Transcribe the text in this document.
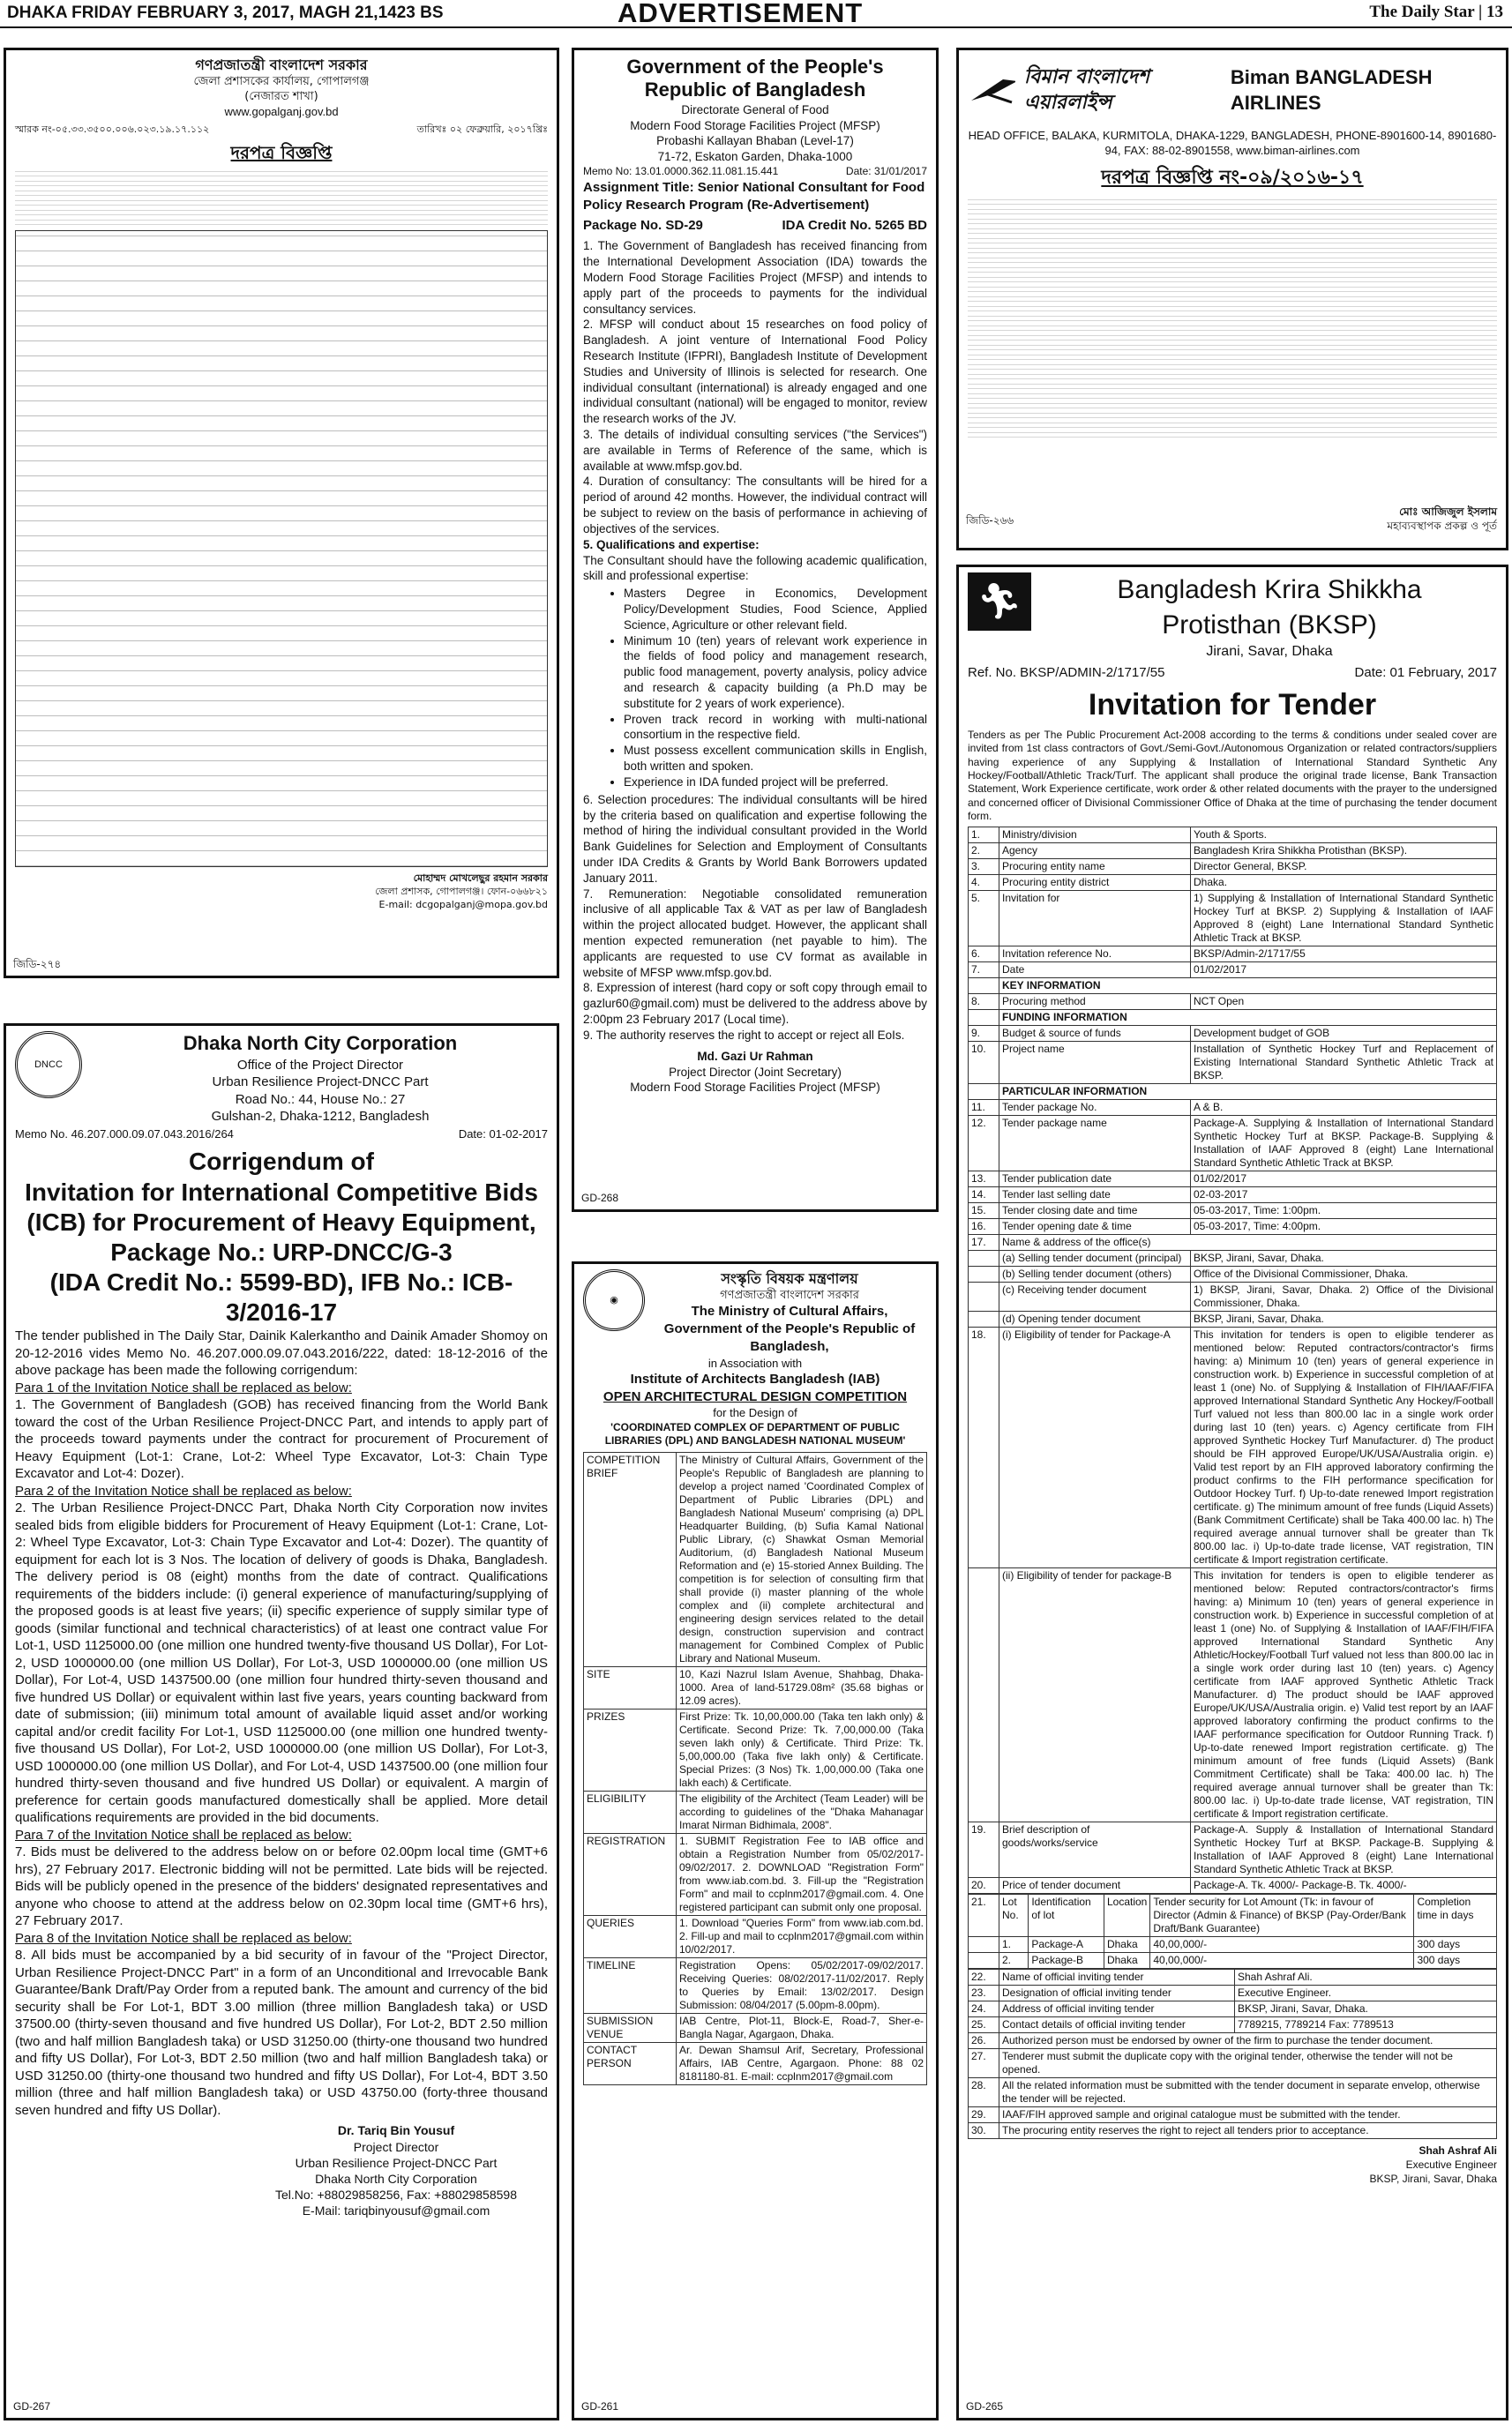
DHAKA FRIDAY FEBRUARY 3, 2017, MAGH 21,1423 BS	ADVERTISEMENT	The Daily Star | 13
গণপ্রজাতন্ত্রী বাংলাদেশ সরকার
জেলা প্রশাসকের কার্যালয়, গোপালগঞ্জ
(নেজারত শাখা)
www.gopalganj.gov.bd
স্মারক নং-০৫.৩৩.৩৫০০.০০৬.০২৩.১৯.১৭.১১২	তারিখঃ ০২ ফেব্রুয়ারি, ২০১৭খ্রিঃ
দরপত্র বিজ্ঞপ্তি
মোহাম্মদ মোখলেছুর রহমান সরকার
জেলা প্রশাসক, গোপালগঞ্জ। ফোন-০৬৬৮২১
E-mail: dcgopalganj@mopa.gov.bd
জিডি-২৭৪
Government of the People's Republic of Bangladesh
Directorate General of Food
Modern Food Storage Facilities Project (MFSP)
Probashi Kallayan Bhaban (Level-17)
71-72, Eskaton Garden, Dhaka-1000
Memo No: 13.01.0000.362.11.081.15.441	Date: 31/01/2017
Assignment Title: Senior National Consultant for Food Policy Research Program (Re-Advertisement)
Package No. SD-29	IDA Credit No. 5265 BD
1. The Government of Bangladesh has received financing from the International Development Association (IDA) towards the Modern Food Storage Facilities Project (MFSP) and intends to apply part of the proceeds to payments for the individual consultancy services.
2. MFSP will conduct about 15 researches on food policy of Bangladesh. A joint venture of International Food Policy Research Institute (IFPRI), Bangladesh Institute of Development Studies and University of Illinois is selected for research. One individual consultant (international) is already engaged and one individual consultant (national) will be engaged to monitor, review the research works of the JV.
3. The details of individual consulting services ("the Services") are available in Terms of Reference of the same, which is available at www.mfsp.gov.bd.
4. Duration of consultancy: The consultants will be hired for a period of around 42 months. However, the individual contract will be subject to review on the basis of performance in achieving of objectives of the services.
5. Qualifications and expertise:
The Consultant should have the following academic qualification, skill and professional expertise:
• Masters Degree in Economics, Development Policy/Development Studies, Food Science, Applied Science, Agriculture or other relevant field.
• Minimum 10 (ten) years of relevant work experience in the fields of food policy and management research, public food management, poverty analysis, policy advice and research & capacity building (a Ph.D may be substitute for 2 years of work experience).
• Proven track record in working with multi-national consortium in the respective field.
• Must possess excellent communication skills in English, both written and spoken.
• Experience in IDA funded project will be preferred.
6. Selection procedures: The individual consultants will be hired by the criteria based on qualification and expertise following the method of hiring the individual consultant provided in the World Bank Guidelines for Selection and Employment of Consultants under IDA Credits & Grants by World Bank Borrowers updated January 2011.
7. Remuneration: Negotiable consolidated remuneration inclusive of all applicable Tax & VAT as per law of Bangladesh within the project allocated budget. However, the applicant shall mention expected remuneration (net payable to him). The applicants are requested to use CV format as available in website of MFSP www.mfsp.gov.bd.
8. Expression of interest (hard copy or soft copy through email to gazlur60@gmail.com) must be delivered to the address above by 2:00pm 23 February 2017 (Local time).
9. The authority reserves the right to accept or reject all EoIs.
Md. Gazi Ur Rahman
Project Director (Joint Secretary)
Modern Food Storage Facilities Project (MFSP)
GD-268
বিমান বাংলাদেশ এয়ারলাইন্স
Biman BANGLADESH AIRLINES
HEAD OFFICE, BALAKA, KURMITOLA, DHAKA-1229, BANGLADESH, PHONE-8901600-14, 8901680-94, FAX: 88-02-8901558, www.biman-airlines.com
দরপত্র বিজ্ঞপ্তি নং-০৯/২০১৬-১৭
মোঃ আজিজুল ইসলাম
মহাব্যবস্থাপক প্রকল্প ও পূর্ত
জিডি-২৬৬
🏃︎	Bangladesh Krira Shikkha
Protisthan (BKSP)
Jirani, Savar, Dhaka
Ref. No. BKSP/ADMIN-2/1717/55	Date: 01 February, 2017
Invitation for Tender
Tenders as per The Public Procurement Act-2008 according to the terms & conditions under sealed cover are invited from 1st class contractors of Govt./Semi-Govt./Autonomous Organization or related contractors/suppliers having experience of any Supplying & Installation of International Standard Synthetic Any Hockey/Football/Athletic Track/Turf. The applicant shall produce the original trade license, Bank Transaction Statement, Work Experience certificate, work order & other related documents with the prayer to the undersigned and concerned officer of Divisional Commissioner Office of Dhaka at the time of purchasing the tender document form.
1.	Ministry/division	Youth & Sports.
2.	Agency	Bangladesh Krira Shikkha Protisthan (BKSP).
3.	Procuring entity name	Director General, BKSP.
4.	Procuring entity district	Dhaka.
5.	Invitation for	1) Supplying & Installation of International Standard Synthetic Hockey Turf at BKSP. 2) Supplying & Installation of IAAF Approved 8 (eight) Lane International Standard Synthetic Athletic Track at BKSP.
6.	Invitation reference No.	BKSP/Admin-2/1717/55
7.	Date	01/02/2017
	KEY INFORMATION	
8.	Procuring method	NCT Open
	FUNDING INFORMATION	
9.	Budget & source of funds	Development budget of GOB
10.	Project name	Installation of Synthetic Hockey Turf and Replacement of Existing International Standard Synthetic Athletic Track at BKSP.
	PARTICULAR INFORMATION	
11.	Tender package No.	A & B.
12.	Tender package name	Package-A. Supplying & Installation of International Standard Synthetic Hockey Turf at BKSP. Package-B. Supplying & Installation of IAAF Approved 8 (eight) Lane International Standard Synthetic Athletic Track at BKSP.
13.	Tender publication date	01/02/2017
14.	Tender last selling date	02-03-2017
15.	Tender closing date and time	05-03-2017, Time: 1:00pm.
16.	Tender opening date & time	05-03-2017, Time: 4:00pm.
17.	Name & address of the office(s)	
	(a) Selling tender document (principal)	BKSP, Jirani, Savar, Dhaka.
	(b) Selling tender document (others)	Office of the Divisional Commissioner, Dhaka.
	(c) Receiving tender document	1) BKSP, Jirani, Savar, Dhaka. 2) Office of the Divisional Commissioner, Dhaka.
	(d) Opening tender document	BKSP, Jirani, Savar, Dhaka.
18.	(i) Eligibility of tender for Package-A	This invitation for tenders is open to eligible tenderer as mentioned below: Reputed contractors/contractor's firms having: a) Minimum 10 (ten) years of general experience in construction work. b) Experience in successful completion of at least 1 (one) No. of Supplying & Installation of FIH/IAAF/FIFA approved International Standard Synthetic Any Hockey/Football Turf valued not less than 800.00 lac in a single work order during last 10 (ten) years. c) Agency certificate from FIH approved Synthetic Hockey Turf Manufacturer. d) The product should be FIH approved Europe/UK/USA/Australia origin. e) Valid test report by an FIH approved laboratory confirming the product confirms to the FIH performance specification for Outdoor Hockey Turf. f) Up-to-date renewed Import registration certificate. g) The minimum amount of free funds (Liquid Assets) (Bank Commitment Certificate) shall be Taka 400.00 lac. h) The required average annual turnover shall be greater than Tk 800.00 lac. i) Up-to-date trade license, VAT registration, TIN certificate & Import registration certificate.
	(ii) Eligibility of tender for package-B	This invitation for tenders is open to eligible tenderer as mentioned below: Reputed contractors/contractor's firms having: a) Minimum 10 (ten) years of general experience in construction work. b) Experience in successful completion of at least 1 (one) No. of Supplying & Installation of IAAF/FIH/FIFA approved International Standard Synthetic Any Athletic/Hockey/Football Turf valued not less than 800.00 lac in a single work order during last 10 (ten) years. c) Agency certificate from IAAF approved Synthetic Athletic Track Manufacturer. d) The product should be IAAF approved Europe/UK/USA/Australia origin. e) Valid test report by an IAAF approved laboratory confirming the product confirms to the IAAF performance specification for Outdoor Running Track. f) Up-to-date renewed Import registration certificate. g) The minimum amount of free funds (Liquid Assets) (Bank Commitment Certificate) shall be Taka: 400.00 lac. h) The required average annual turnover shall be greater than Tk: 800.00 lac. i) Up-to-date trade license, VAT registration, TIN certificate & Import registration certificate.
19.	Brief description of goods/works/service	Package-A. Supply & Installation of International Standard Synthetic Hockey Turf at BKSP. Package-B. Supplying & Installation of IAAF Approved 8 (eight) Lane International Standard Synthetic Athletic Track at BKSP.
20.	Price of tender document	Package-A. Tk. 4000/- Package-B. Tk. 4000/-
21.	Lot No.	Identification of lot	Location	Tender security for Lot Amount (Tk: in favour of Director (Admin & Finance) of BKSP (Pay-Order/Bank Draft/Bank Guarantee)	Completion time in days
	1.	Package-A	Dhaka	40,00,000/-	300 days
	2.	Package-B	Dhaka	40,00,000/-	300 days
22.	Name of official inviting tender	Shah Ashraf Ali.
23.	Designation of official inviting tender	Executive Engineer.
24.	Address of official inviting tender	BKSP, Jirani, Savar, Dhaka.
25.	Contact details of official inviting tender	7789215, 7789214 Fax: 7789513
26.	Authorized person must be endorsed by owner of the firm to purchase the tender document.	
27.	Tenderer must submit the duplicate copy with the original tender, otherwise the tender will not be opened.	
28.	All the related information must be submitted with the tender document in separate envelop, otherwise the tender will be rejected.	
29.	IAAF/FIH approved sample and original catalogue must be submitted with the tender.	
30.	The procuring entity reserves the right to reject all tenders prior to acceptance.	
Shah Ashraf Ali
Executive Engineer
BKSP, Jirani, Savar, Dhaka
GD-265
DNCC
Dhaka North City Corporation
Office of the Project Director
Urban Resilience Project-DNCC Part
Road No.: 44, House No.: 27
Gulshan-2, Dhaka-1212, Bangladesh
Memo No. 46.207.000.09.07.043.2016/264	Date: 01-02-2017
Corrigendum of
Invitation for International Competitive Bids (ICB) for Procurement of Heavy Equipment, Package No.: URP-DNCC/G-3
(IDA Credit No.: 5599-BD), IFB No.: ICB-3/2016-17
The tender published in The Daily Star, Dainik Kalerkantho and Dainik Amader Shomoy on 20-12-2016 vides Memo No. 46.207.000.09.07.043.2016/222, dated: 18-12-2016 of the above package has been made the following corrigendum:
Para 1 of the Invitation Notice shall be replaced as below:
1. The Government of Bangladesh (GOB) has received financing from the World Bank toward the cost of the Urban Resilience Project-DNCC Part, and intends to apply part of the proceeds toward payments under the contract for procurement of Procurement of Heavy Equipment (Lot-1: Crane, Lot-2: Wheel Type Excavator, Lot-3: Chain Type Excavator and Lot-4: Dozer).
Para 2 of the Invitation Notice shall be replaced as below:
2. The Urban Resilience Project-DNCC Part, Dhaka North City Corporation now invites sealed bids from eligible bidders for Procurement of Heavy Equipment (Lot-1: Crane, Lot-2: Wheel Type Excavator, Lot-3: Chain Type Excavator and Lot-4: Dozer). The quantity of equipment for each lot is 3 Nos. The location of delivery of goods is Dhaka, Bangladesh. The delivery period is 08 (eight) months from the date of contract. Qualifications requirements of the bidders include: (i) general experience of manufacturing/supplying of the proposed goods is at least five years; (ii) specific experience of supply similar type of goods (similar functional and technical characteristics) of at least one contract value For Lot-1, USD 1125000.00 (one million one hundred twenty-five thousand US Dollar), For Lot-2, USD 1000000.00 (one million US Dollar), For Lot-3, USD 1000000.00 (one million US Dollar), For Lot-4, USD 1437500.00 (one million four hundred thirty-seven thousand and five hundred US Dollar) or equivalent within last five years, years counting backward from date of submission; (iii) minimum total amount of available liquid asset and/or working capital and/or credit facility For Lot-1, USD 1125000.00 (one million one hundred twenty-five thousand US Dollar), For Lot-2, USD 1000000.00 (one million US Dollar), For Lot-3, USD 1000000.00 (one million US Dollar), and For Lot-4, USD 1437500.00 (one million four hundred thirty-seven thousand and five hundred US Dollar) or equivalent. A margin of preference for certain goods manufactured domestically shall be applied. More detail qualifications requirements are provided in the bid documents.
Para 7 of the Invitation Notice shall be replaced as below:
7. Bids must be delivered to the address below on or before 02.00pm local time (GMT+6 hrs), 27 February 2017. Electronic bidding will not be permitted. Late bids will be rejected. Bids will be publicly opened in the presence of the bidders' designated representatives and anyone who choose to attend at the address below on 02.30pm local time (GMT+6 hrs), 27 February 2017.
Para 8 of the Invitation Notice shall be replaced as below:
8. All bids must be accompanied by a bid security of in favour of the "Project Director, Urban Resilience Project-DNCC Part" in a form of an Unconditional and Irrevocable Bank Guarantee/Bank Draft/Pay Order from a reputed bank. The amount and currency of the bid security shall be For Lot-1, BDT 3.00 million (three million Bangladesh taka) or USD 37500.00 (thirty-seven thousand and five hundred US Dollar), For Lot-2, BDT 2.50 million (two and half million Bangladesh taka) or USD 31250.00 (thirty-one thousand two hundred and fifty US Dollar), For Lot-3, BDT 2.50 million (two and half million Bangladesh taka) or USD 31250.00 (thirty-one thousand two hundred and fifty US Dollar), For Lot-4, BDT 3.50 million (three and half million Bangladesh taka) or USD 43750.00 (forty-three thousand seven hundred and fifty US Dollar).
Dr. Tariq Bin Yousuf
Project Director
Urban Resilience Project-DNCC Part
Dhaka North City Corporation
Tel.No: +88029858256, Fax: +88029858598
E-Mail: tariqbinyousuf@gmail.com
GD-267
◉
সংস্কৃতি বিষয়ক মন্ত্রণালয়
গণপ্রজাতন্ত্রী বাংলাদেশ সরকার
The Ministry of Cultural Affairs, Government of the People's Republic of Bangladesh,
in Association with
Institute of Architects Bangladesh (IAB)
OPEN ARCHITECTURAL DESIGN COMPETITION
for the Design of
'COORDINATED COMPLEX OF DEPARTMENT OF PUBLIC LIBRARIES (DPL) AND BANGLADESH NATIONAL MUSEUM'
COMPETITION BRIEF	The Ministry of Cultural Affairs, Government of the People's Republic of Bangladesh are planning to develop a project named 'Coordinated Complex of Department of Public Libraries (DPL) and Bangladesh National Museum' comprising (a) DPL Headquarter Building, (b) Sufia Kamal National Public Library, (c) Shawkat Osman Memorial Auditorium, (d) Bangladesh National Museum Reformation and (e) 15-storied Annex Building. The competition is for selection of consulting firm that shall provide (i) master planning of the whole complex and (ii) complete architectural and engineering design services related to the detail design, construction supervision and contract management for Combined Complex of Public Library and National Museum.
SITE	10, Kazi Nazrul Islam Avenue, Shahbag, Dhaka-1000. Area of land-51729.08m² (35.68 bighas or 12.09 acres).
PRIZES	First Prize: Tk. 10,00,000.00 (Taka ten lakh only) & Certificate. Second Prize: Tk. 7,00,000.00 (Taka seven lakh only) & Certificate. Third Prize: Tk. 5,00,000.00 (Taka five lakh only) & Certificate. Special Prizes: (3 Nos) Tk. 1,00,000.00 (Taka one lakh each) & Certificate.
ELIGIBILITY	The eligibility of the Architect (Team Leader) will be according to guidelines of the "Dhaka Mahanagar Imarat Nirman Bidhimala, 2008".
REGISTRATION	1. SUBMIT Registration Fee to IAB office and obtain a Registration Number from 05/02/2017-09/02/2017. 2. DOWNLOAD "Registration Form" from www.iab.com.bd. 3. Fill-up the "Registration Form" and mail to ccplnm2017@gmail.com. 4. One registered participant can submit only one proposal.
QUERIES	1. Download "Queries Form" from www.iab.com.bd. 2. Fill-up and mail to ccplnm2017@gmail.com within 10/02/2017.
TIMELINE	Registration Opens: 05/02/2017-09/02/2017. Receiving Queries: 08/02/2017-11/02/2017. Reply to Queries by Email: 13/02/2017. Design Submission: 08/04/2017 (5.00pm-8.00pm).
SUBMISSION VENUE	IAB Centre, Plot-11, Block-E, Road-7, Sher-e-Bangla Nagar, Agargaon, Dhaka.
CONTACT PERSON	Ar. Dewan Shamsul Arif, Secretary, Professional Affairs, IAB Centre, Agargaon. Phone: 88 02 8181180-81. E-mail: ccplnm2017@gmail.com
GD-261
